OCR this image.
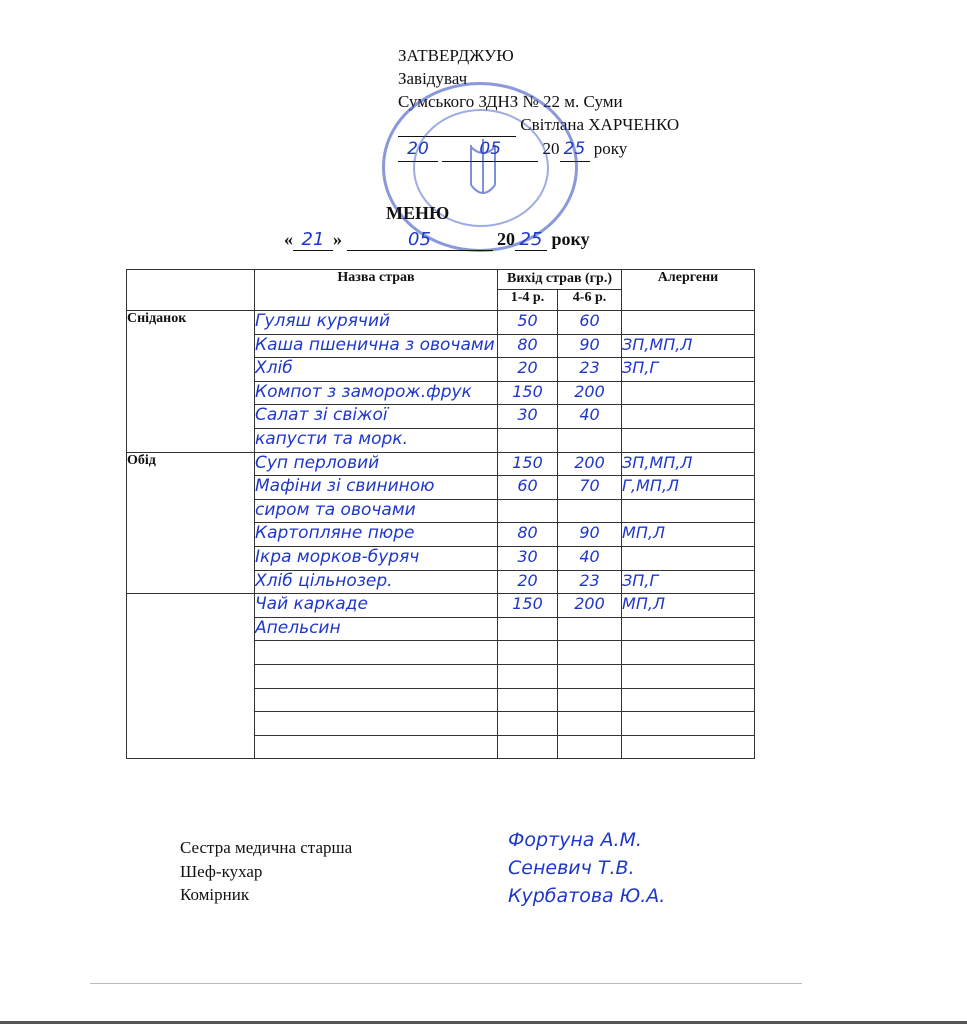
ЗАТВЕРДЖУЮ
Завідувач
Сумського ЗДНЗ № 22 м. Суми
Світлана ХАРЧЕНКО
20	05 20 25 року
МЕНЮ
« 21 »	05	20 25 року
	Назва страв	Вихід страв (гр.)		Алергени
		1-4 р.	4-6 р.	
Сніданок	Гуляш курячий	50	60	
	Каша пшенична з овочами	80	90	ЗП,МП,Л
	Хліб	20	23	ЗП,Г
	Компот з заморож.фрук	150	200	
	Салат зі свіжої	30	40	
	капусти та морк.			
Обід	Суп перловий	150	200	ЗП,МП,Л
	Мафіни зі свининою	60	70	Г,МП,Л
	сиром та овочами			
	Картопляне пюре	80	90	МП,Л
	Ікра морков-буряч	30	40	
	Хліб цільнозер.	20	23	ЗП,Г
	Чай каркаде	150	200	МП,Л
	Апельсин			

Сестра медична старша
Шеф-кухар
Комірник
Фортуна А.М.
Сеневич Т.В.
Курбатова Ю.А.
